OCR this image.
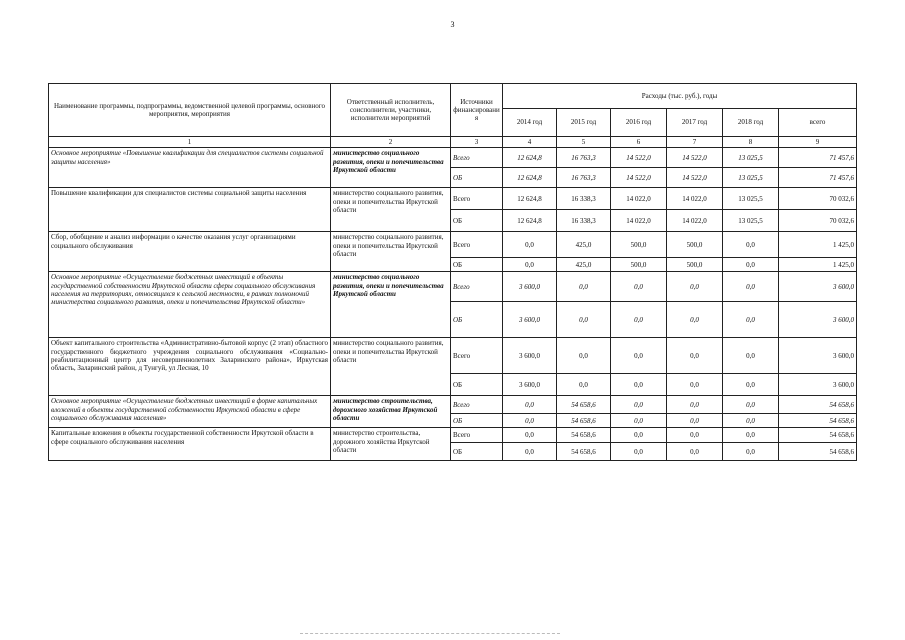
3
Наименование программы, подпрограммы, ведомственной целевой программы, основного мероприятия, мероприятия	Ответственный исполнитель, соисполнители, участники, исполнители мероприятий	Источники финансировани я	Расходы (тыс. руб.), годы					
			2014 год	2015 год	2016 год	2017 год	2018 год	всего
1	2	3	4	5	6	7	8	9
Основное мероприятие «Повышение квалификации для специалистов системы социальной защиты населения»	министерство социального развития, опеки и попечительства Иркутской области	Всего	12 624,8	16 763,3	14 522,0	14 522,0	13 025,5	71 457,6
		ОБ	12 624,8	16 763,3	14 522,0	14 522,0	13 025,5	71 457,6
Повышение квалификации для специалистов системы социальной защиты населения	министерство социального развития, опеки и попечительства Иркутской области	Всего	12 624,8	16 338,3	14 022,0	14 022,0	13 025,5	70 032,6
		ОБ	12 624,8	16 338,3	14 022,0	14 022,0	13 025,5	70 032,6
Сбор, обобщение и анализ информации о качестве оказания услуг организациями социального обслуживания	министерство социального развития, опеки и попечительства Иркутской области	Всего	0,0	425,0	500,0	500,0	0,0	1 425,0
		ОБ	0,0	425,0	500,0	500,0	0,0	1 425,0
Основное мероприятие «Осуществление бюджетных инвестиций в объекты государственной собственности Иркутской области сферы социального обслуживания населения на территориях, относящихся к сельской местности, в рамках полномочий министерства социального развития, опеки и попечительства Иркутской области»	министерство социального развития, опеки и попечительства Иркутской области	Всего	3 600,0	0,0	0,0	0,0	0,0	3 600,0
		ОБ	3 600,0	0,0	0,0	0,0	0,0	3 600,0
Объект капитального строительства «Административно-бытовой корпус (2 этап) областного государственного бюджетного учреждения социального обслуживания «Социально-реабилитационный центр для несовершеннолетних Заларинского района», Иркутская область, Заларинский район, д Тунгуй, ул Лесная, 10	министерство социального развития, опеки и попечительства Иркутской области	Всего	3 600,0	0,0	0,0	0,0	0,0	3 600,0
		ОБ	3 600,0	0,0	0,0	0,0	0,0	3 600,0
Основное мероприятие «Осуществление бюджетных инвестиций в форме капитальных вложений в объекты государственной собственности Иркутской области в сфере социального обслуживания населения»	министерство строительства, дорожного хозяйства Иркутской области	Всего	0,0	54 658,6	0,0	0,0	0,0	54 658,6
		ОБ	0,0	54 658,6	0,0	0,0	0,0	54 658,6
Капитальные вложения в объекты государственной собственности Иркутской области в сфере социального обслуживания населения	министерство строительства, дорожного хозяйства Иркутской области	Всего	0,0	54 658,6	0,0	0,0	0,0	54 658,6
		ОБ	0,0	54 658,6	0,0	0,0	0,0	54 658,6
